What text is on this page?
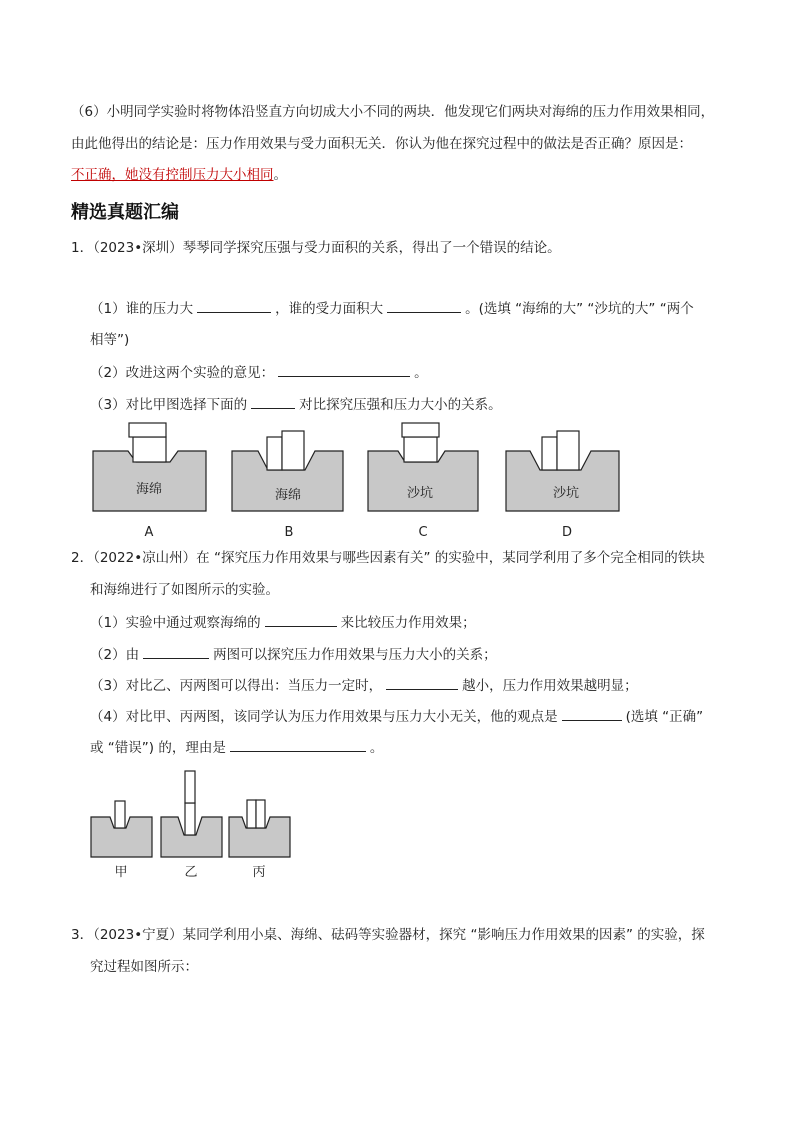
（6）小明同学实验时将物体沿竖直方向切成大小不同的两块．他发现它们两块对海绵的压力作用效果相同，
由此他得出的结论是：压力作用效果与受力面积无关．你认为他在探究过程中的做法是否正确？原因是：
不正确，她没有控制压力大小相同。
精选真题汇编
1．（2023•深圳）琴琴同学探究压强与受力面积的关系，得出了一个错误的结论。
（1）谁的压力大	，谁的受力面积大	。(选填 “海绵的大” “沙坑的大” “两个
相等”)
（2）改进这两个实验的意见：	。
（3）对比甲图选择下面的	对比探究压强和压力大小的关系。
海绵
A
海绵
B
沙坑
C
沙坑
D
2．（2022•凉山州）在 “探究压力作用效果与哪些因素有关” 的实验中，某同学利用了多个完全相同的铁块
和海绵进行了如图所示的实验。
（1）实验中通过观察海绵的	来比较压力作用效果；
（2）由	两图可以探究压力作用效果与压力大小的关系；
（3）对比乙、丙两图可以得出：当压力一定时，	越小，压力作用效果越明显；
（4）对比甲、丙两图，该同学认为压力作用效果与压力大小无关，他的观点是	(选填 “正确”
或 “错误”) 的，理由是	。
甲	乙	丙
3．（2023•宁夏）某同学利用小桌、海绵、砝码等实验器材，探究 “影响压力作用效果的因素” 的实验，探
究过程如图所示：
